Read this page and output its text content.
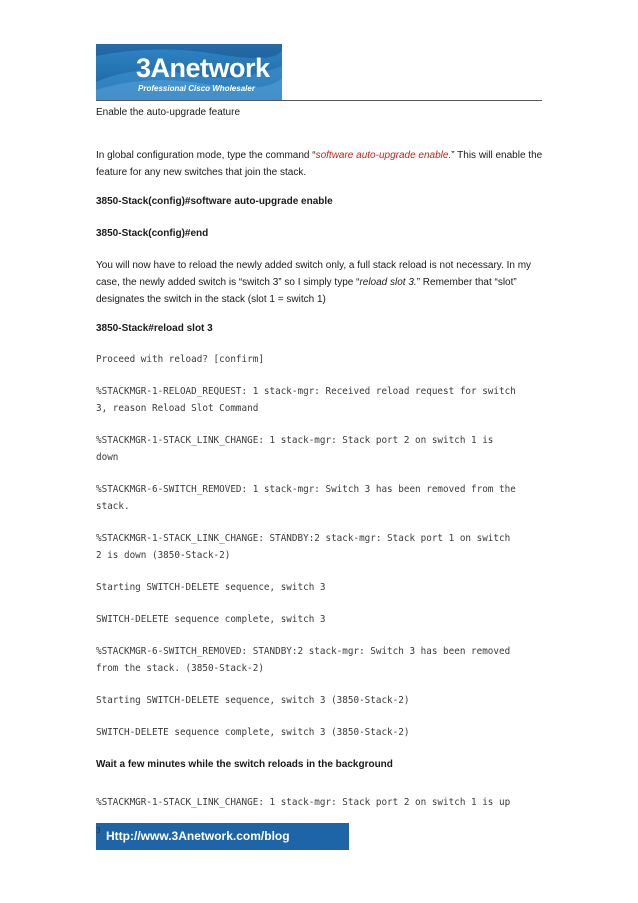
3Anetwork
Professional Cisco Wholesaler
Enable the auto-upgrade feature
In global configuration mode, type the command “software auto-upgrade enable.” This will enable the
feature for any new switches that join the stack.
3850-Stack(config)#software auto-upgrade enable
3850-Stack(config)#end
You will now have to reload the newly added switch only, a full stack reload is not necessary. In my
case, the newly added switch is “switch 3” so I simply type “reload slot 3.” Remember that “slot”
designates the switch in the stack (slot 1 = switch 1)
3850-Stack#reload slot 3
Proceed with reload? [confirm]
%STACKMGR-1-RELOAD_REQUEST: 1 stack-mgr: Received reload request for switch
3, reason Reload Slot Command
%STACKMGR-1-STACK_LINK_CHANGE: 1 stack-mgr: Stack port 2 on switch 1 is
down
%STACKMGR-6-SWITCH_REMOVED: 1 stack-mgr: Switch 3 has been removed from the
stack.
%STACKMGR-1-STACK_LINK_CHANGE: STANDBY:2 stack-mgr: Stack port 1 on switch
2 is down (3850-Stack-2)
Starting SWITCH-DELETE sequence, switch 3
SWITCH-DELETE sequence complete, switch 3
%STACKMGR-6-SWITCH_REMOVED: STANDBY:2 stack-mgr: Switch 3 has been removed
from the stack. (3850-Stack-2)
Starting SWITCH-DELETE sequence, switch 3 (3850-Stack-2)
SWITCH-DELETE sequence complete, switch 3 (3850-Stack-2)
Wait a few minutes while the switch reloads in the background
%STACKMGR-1-STACK_LINK_CHANGE: 1 stack-mgr: Stack port 2 on switch 1 is up
Http://www.3Anetwork.com/blog
3
